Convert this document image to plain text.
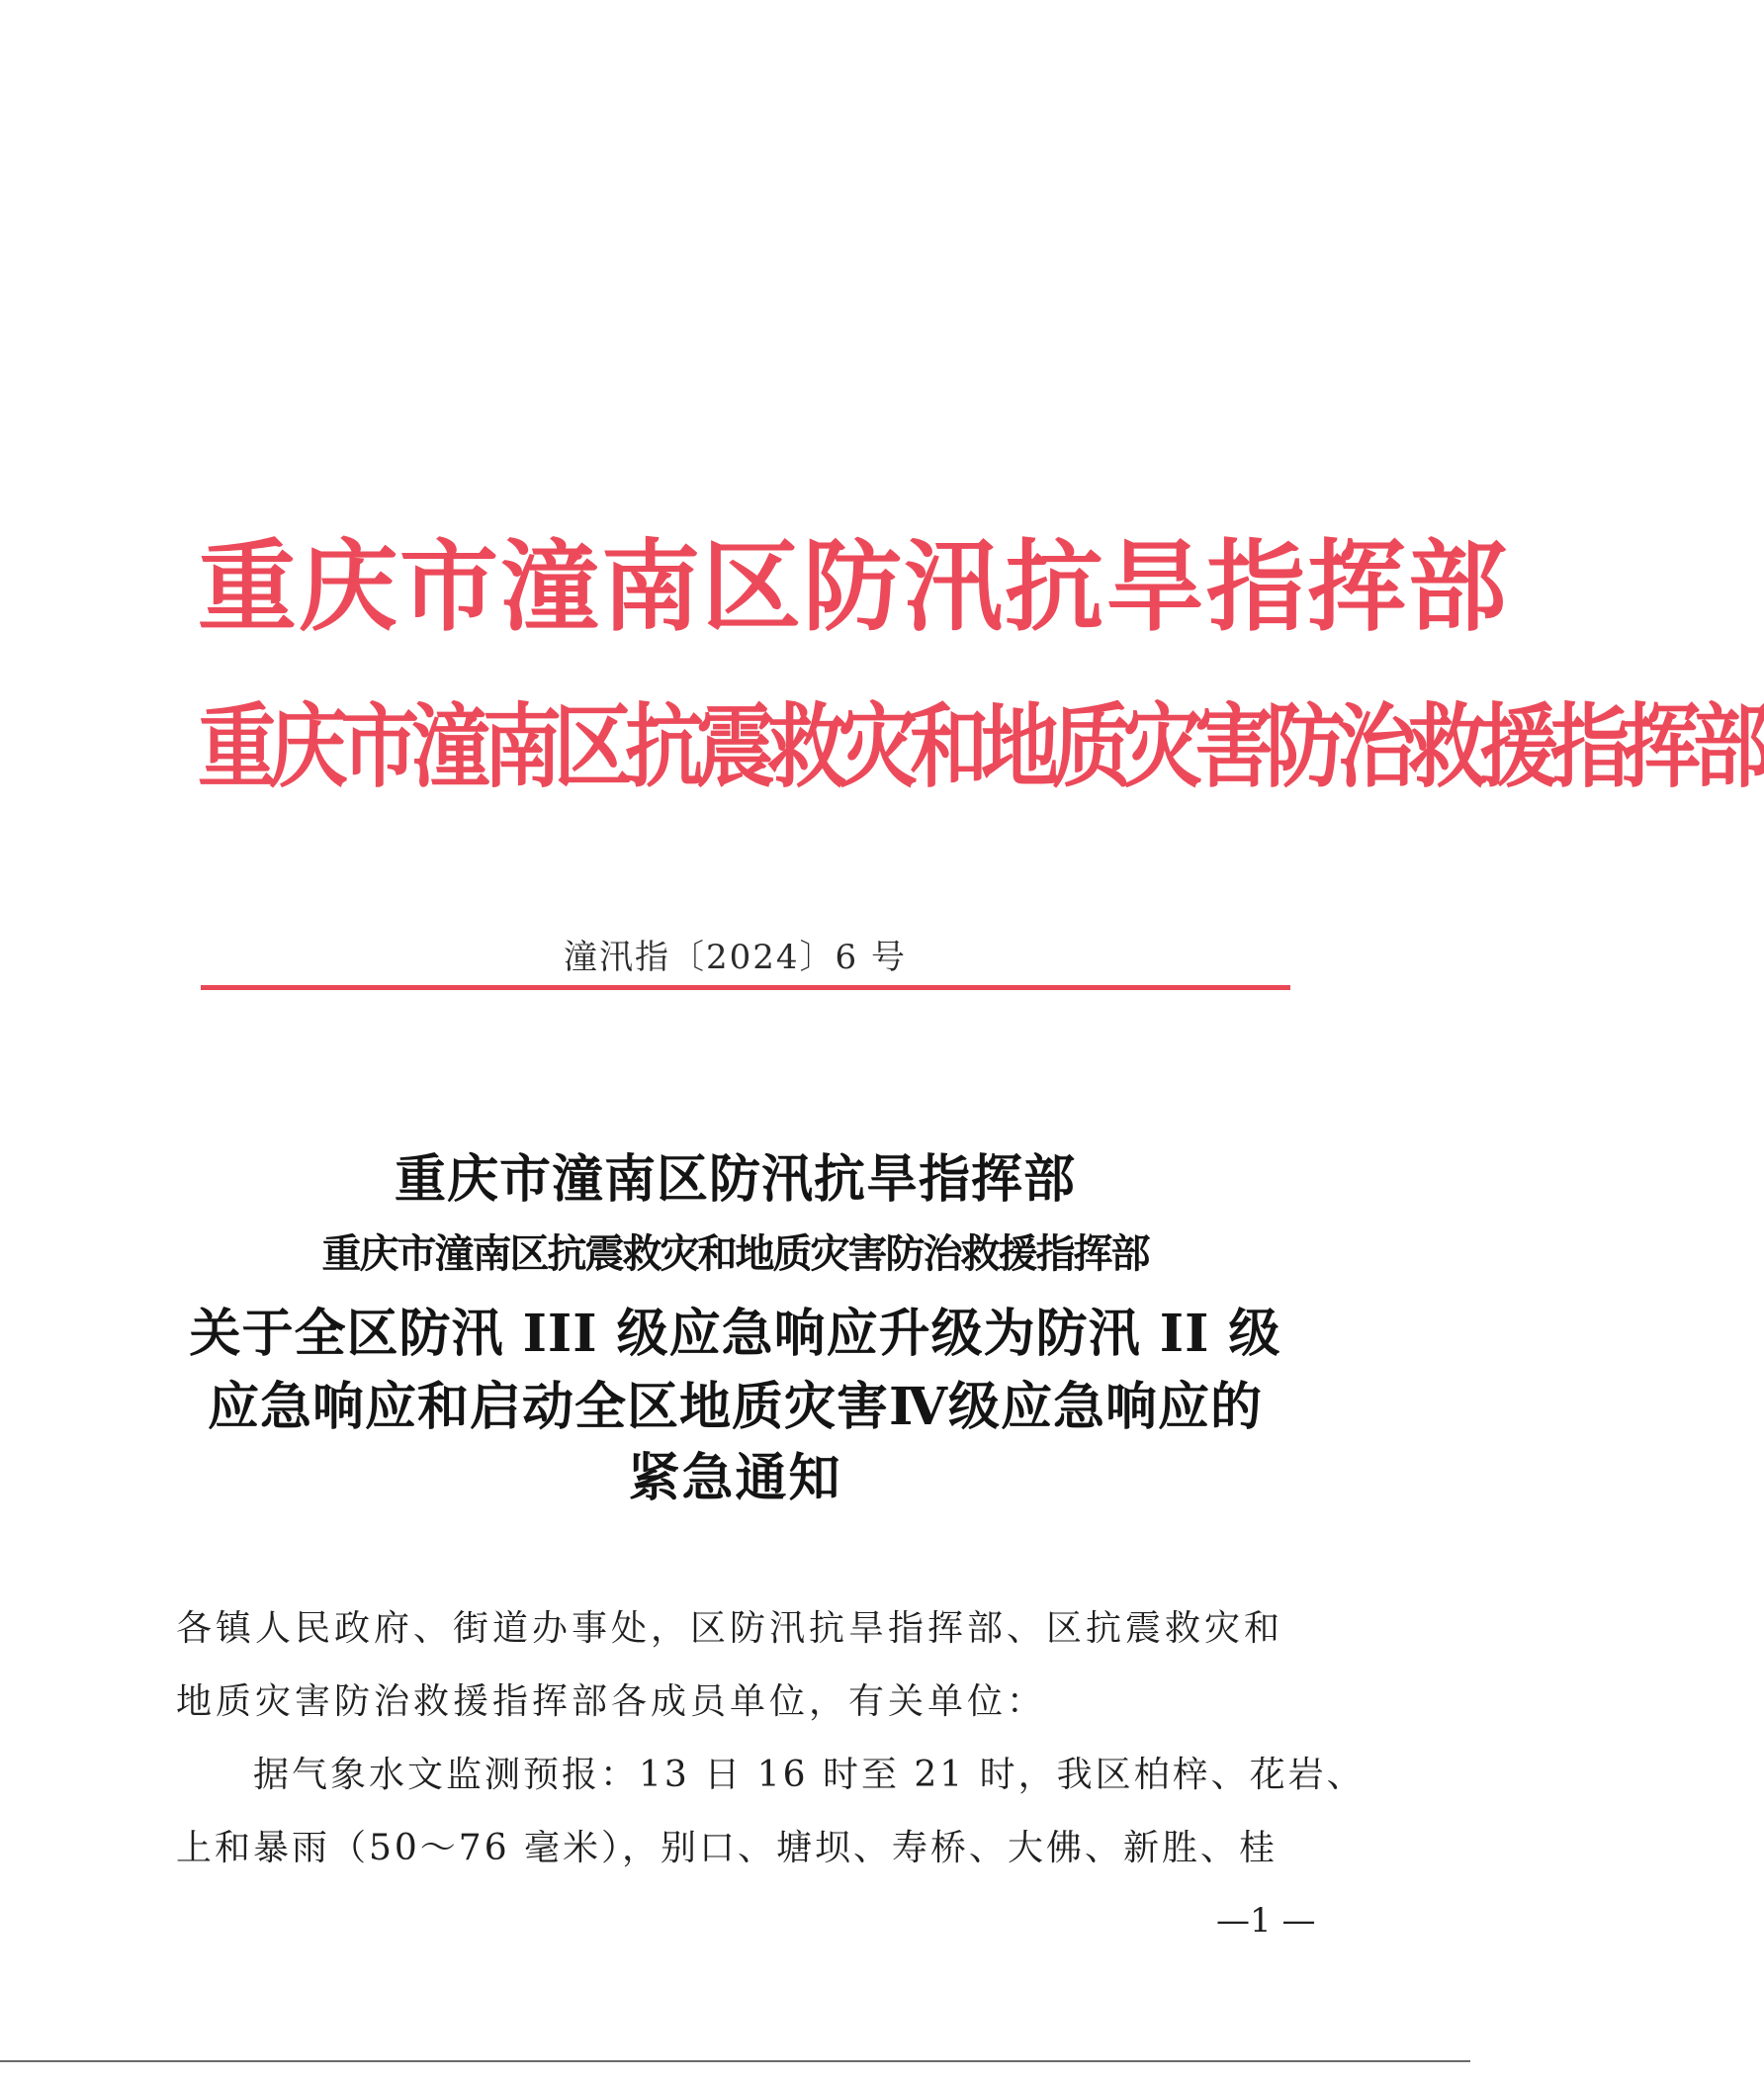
重庆市潼南区防汛抗旱指挥部
重庆市潼南区抗震救灾和地质灾害防治救援指挥部
潼汛指〔2024〕6 号
重庆市潼南区防汛抗旱指挥部
重庆市潼南区抗震救灾和地质灾害防治救援指挥部
关于全区防汛 III 级应急响应升级为防汛 II 级
应急响应和启动全区地质灾害Ⅳ级应急响应的
紧急通知
各镇人民政府、街道办事处，区防汛抗旱指挥部、区抗震救灾和
地质灾害防治救援指挥部各成员单位，有关单位：
据气象水文监测预报：13 日 16 时至 21 时，我区柏梓、花岩、
上和暴雨（50～76 毫米），别口、塘坝、寿桥、大佛、新胜、桂
—1 —
